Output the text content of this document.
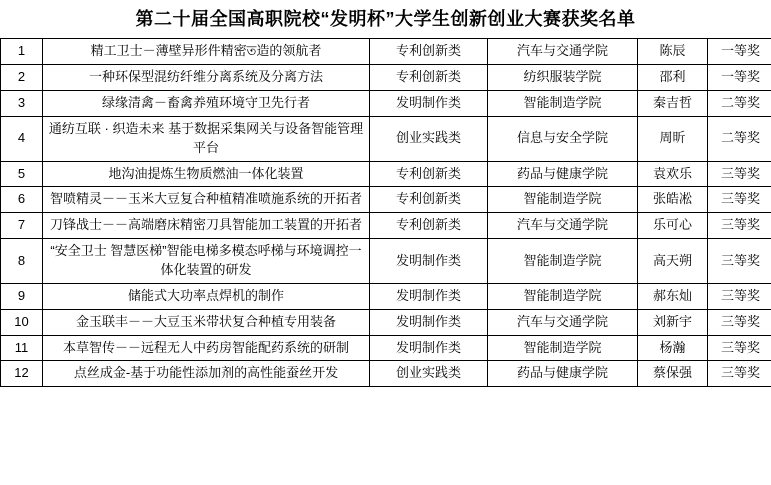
第二十届全国高职院校“发明杯”大学生创新创业大赛获奖名单
1	精工卫士－薄壁异形件精密ত造的领航者	专利创新类	汽车与交通学院	陈辰	一等奖
2	一种环保型混纺纤维分离系统及分离方法	专利创新类	纺织服装学院	邵利	一等奖
3	绿缘清禽－畜禽养殖环境守卫先行者	发明制作类	智能制造学院	秦吉哲	二等奖
4	通纺互联 · 织造未来 基于数据采集网关与设备智能管理平台	创业实践类	信息与安全学院	周昕	二等奖
5	地沟油提炼生物质燃油一体化装置	专利创新类	药品与健康学院	袁欢乐	三等奖
6	智喷精灵－－玉米大豆复合种植精准喷施系统的开拓者	专利创新类	智能制造学院	张皓凇	三等奖
7	刀锋战士－－高端磨床精密刀具智能加工装置的开拓者	专利创新类	汽车与交通学院	乐可心	三等奖
8	“安全卫士 智慧医梯”智能电梯多模态呼梯与环境调控一体化装置的研发	发明制作类	智能制造学院	高天朔	三等奖
9	储能式大功率点焊机的制作	发明制作类	智能制造学院	郝东灿	三等奖
10	金玉联丰－－大豆玉米带状复合种植专用装备	发明制作类	汽车与交通学院	刘新宇	三等奖
11	本草智传－－远程无人中药房智能配药系统的研制	发明制作类	智能制造学院	杨瀚	三等奖
12	点丝成金-基于功能性添加剂的高性能蚕丝开发	创业实践类	药品与健康学院	蔡保强	三等奖
